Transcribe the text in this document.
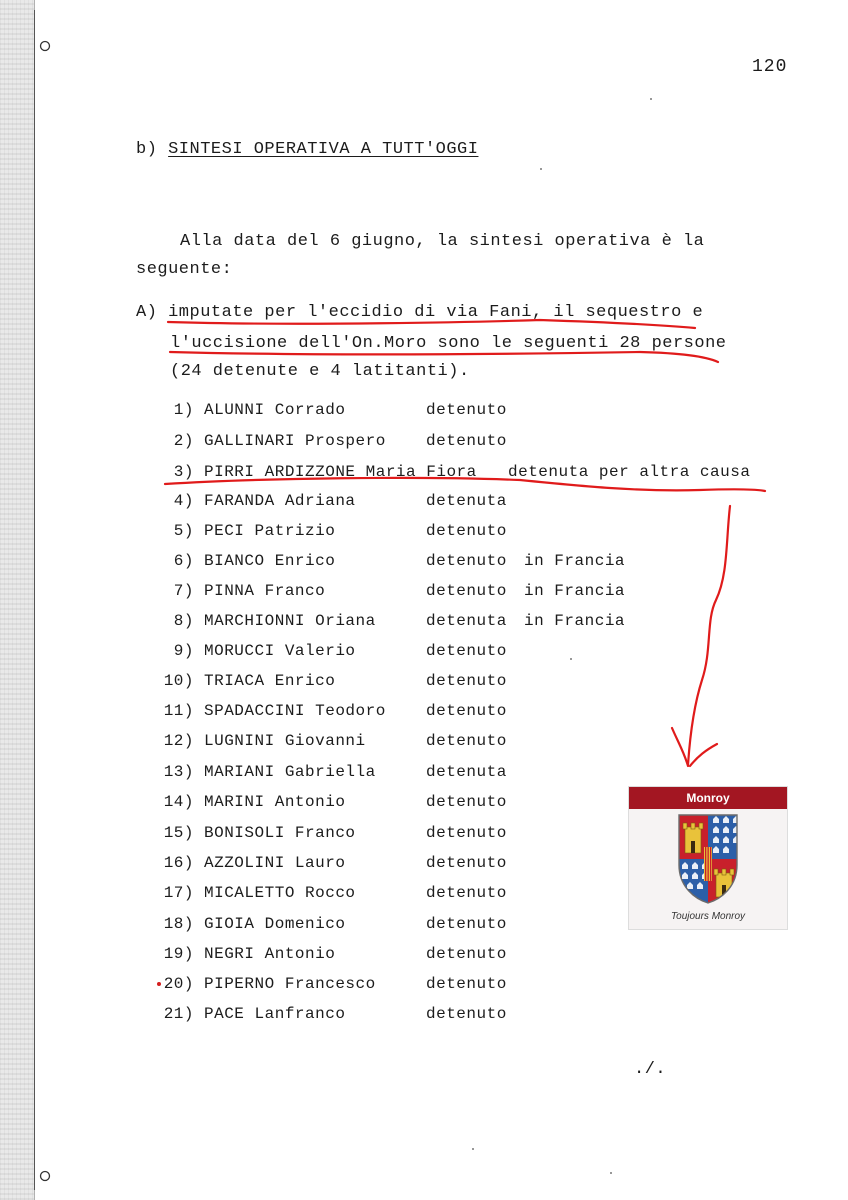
120
b) SINTESI OPERATIVA A TUTT'OGGI
Alla data del 6 giugno, la sintesi operativa è la
seguente:
A) imputate per l'eccidio di via Fani, il sequestro e
l'uccisione dell'On.Moro sono le seguenti 28 persone
(24 detenute e 4 latitanti).
1) ALUNNI Corrado	detenuto
2) GALLINARI Prospero	detenuto
3) PIRRI ARDIZZONE Maria Fiora detenuta per altra causa
4) FARANDA Adriana	detenuta
5) PECI Patrizio	detenuto
6) BIANCO Enrico	detenuto in Francia
7) PINNA Franco	detenuto in Francia
8) MARCHIONNI Oriana	detenuta in Francia
9) MORUCCI Valerio	detenuto
10) TRIACA Enrico	detenuto
11) SPADACCINI Teodoro	detenuto
12) LUGNINI Giovanni	detenuto
13) MARIANI Gabriella	detenuta
14) MARINI Antonio	detenuto
15) BONISOLI Franco	detenuto
16) AZZOLINI Lauro	detenuto
17) MICALETTO Rocco	detenuto
18) GIOIA Domenico	detenuto
19) NEGRI Antonio	detenuto
20) PIPERNO Francesco	detenuto
21) PACE Lanfranco	detenuto
./.
Monroy
Toujours Monroy
